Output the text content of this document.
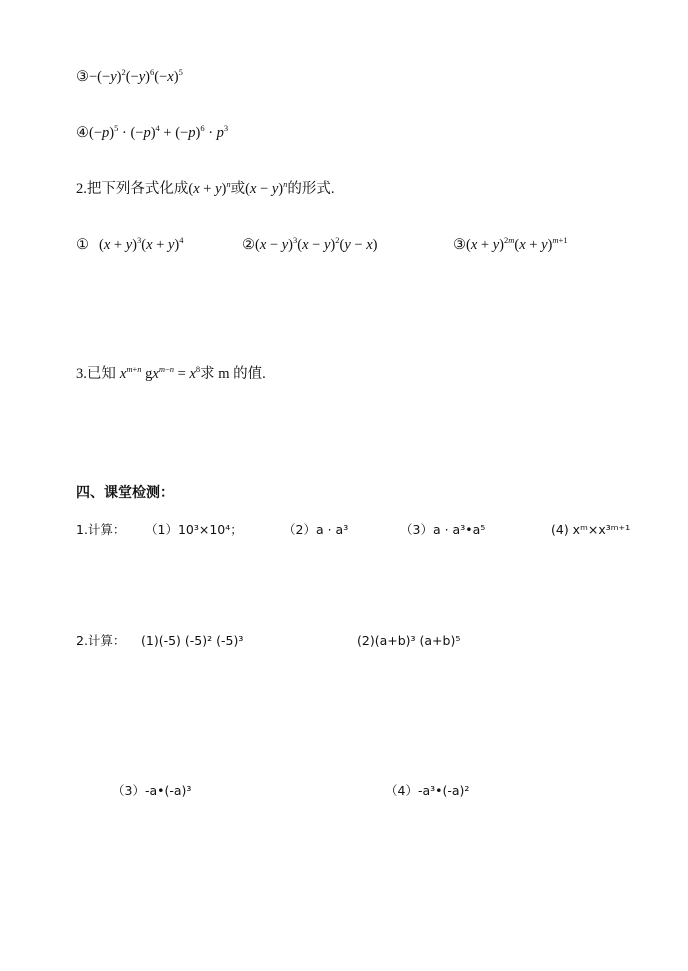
$③-(-y)^2(-y)^6(-x)^5$
$④(-p)^5 \cdot (-p)^4 + (-p)^6 \cdot p^3$
2.把下列各式化成$(x + y)^n$或$(x - y)^n$的形式.
① $(x + y)^3(x + y)^4$	②(x − $y)^3(x - y)^2(y - x)$	③(x + $y)^{2m}(x + y)^{m+1}$
3.已知 $x^{m+n}$ $gx^{m-n} = x^8$求 m 的值.
四、课堂检测：
1.计算： （1）10³×10⁴；	（2）a · a³	（3）a · a³•a⁵	(4) xᵐ×x³ᵐ⁺¹
2.计算： (1)(-5) (-5)² (-5)³	(2)(a+b)³ (a+b)⁵
（3）-a•(-a)³	（4）-a³•(-a)²
